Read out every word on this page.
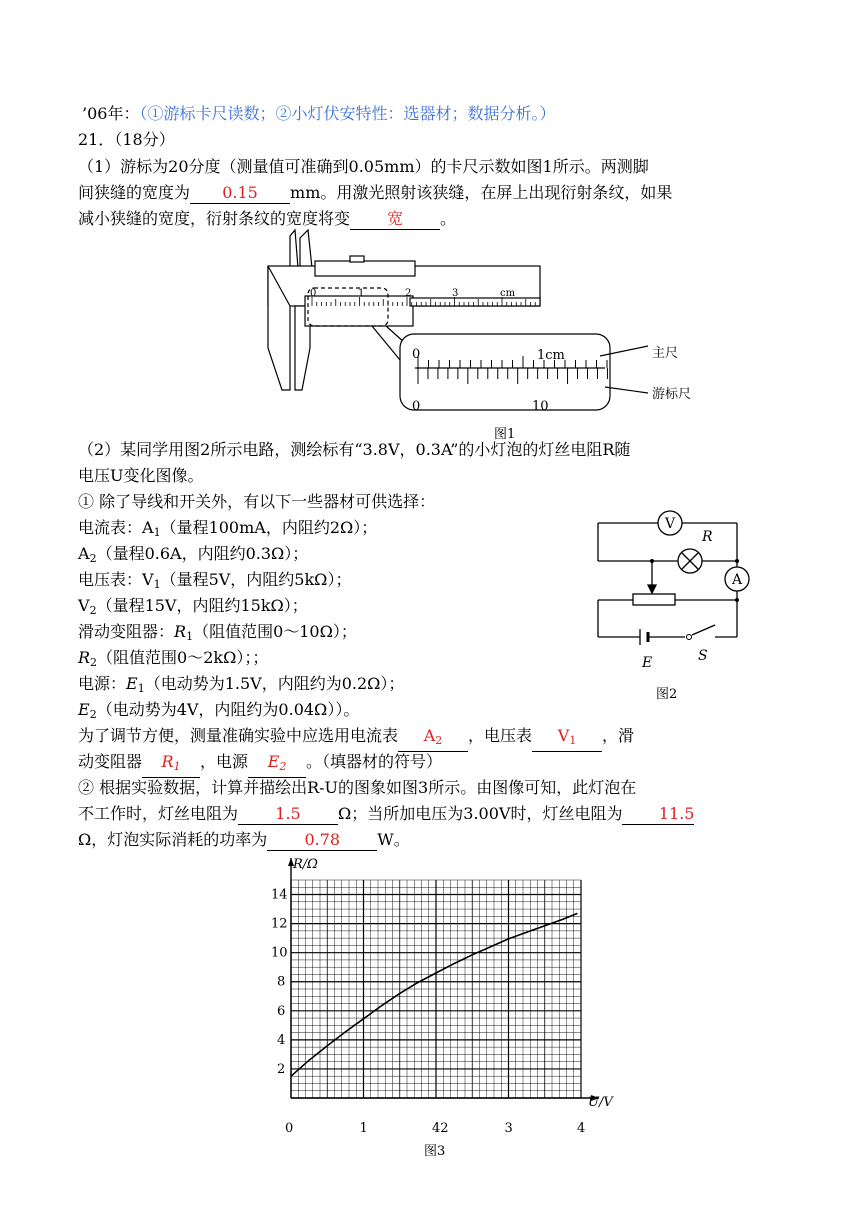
’06年：（①游标卡尺读数；②小灯伏安特性：选器材；数据分析。）
21．（18分）
（1）游标为20分度（测量值可准确到0.05mm）的卡尺示数如图1所示。两测脚
间狭缝的宽度为 0.15 mm。用激光照射该狭缝，在屏上出现衍射条纹，如果
减小狭缝的宽度，衍射条纹的宽度将变 宽 。
0	1	2	3	cm
0	1cm
0	10
主尺
游标尺
图1
（2）某同学用图2所示电路，测绘标有“3.8V，0.3A”的小灯泡的灯丝电阻R随
电压U变化图像。
① 除了导线和开关外，有以下一些器材可供选择：
电流表：$A_1$（量程100mA，内阻约2Ω）；
$A_2$（量程0.6A，内阻约0.3Ω）；
电压表：$V_1$（量程5V，内阻约5kΩ）；
$V_2$（量程15V，内阻约15kΩ）；
滑动变阻器：$R_1$（阻值范围0～10Ω）；
$R_2$（阻值范围0～2kΩ）；；
电源：$E_1$（电动势为1.5V，内阻约为0.2Ω）；
$E_2$（电动势为4V，内阻约为0.04Ω））。
为了调节方便，测量准确实验中应选用电流表 $A_2$ ，电压表 $V_1$ ，滑
动变阻器 $R_1$ ，电源 $E_2$ 。（填器材的符号）
② 根据实验数据，计算并描绘出R-U的图象如图3所示。由图像可知，此灯泡在
不工作时，灯丝电阻为 1.5 Ω；当所加电压为3.00V时，灯丝电阻为 11.5
Ω，灯泡实际消耗的功率为 0.78 W。
V
A
R
E	S
图2
0	1	42	3	4
2
4
6
8
10
12
14
R/Ω
U/V
图3
